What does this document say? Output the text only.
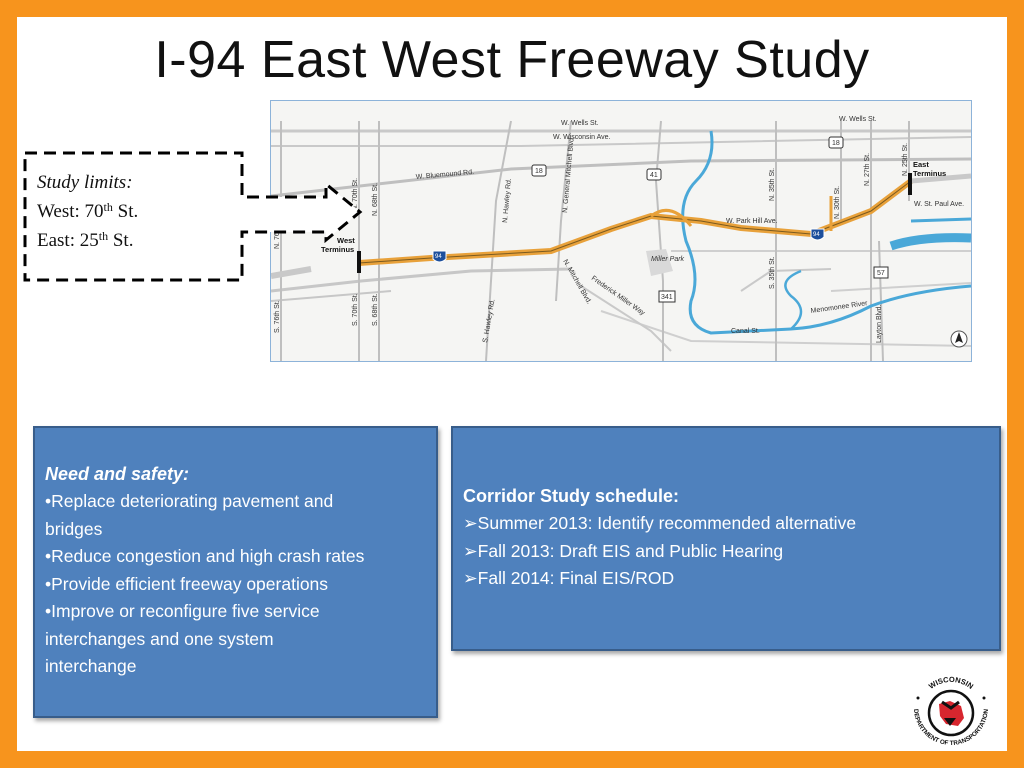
I-94 East West Freeway Study
W. Wells St.
W. Wells St.
W. Wisconsin Ave.
W. Bluemound Rd.
W. Park Hill Ave.
W. St. Paul Ave.
Canal St.
Frederick Miller Way
Miller Park
Menomonee River
N. 70th St. N. 68th St.
S. 76th St.	S. 70th St. S. 68th St.
N. Hawley Rd.
S. Hawley Rd.
N. General Mitchell Blvd.
N. Mitchell Blvd.
N. 35th St.
S. 35th St.
N. 30th St.
N. 27th St.	N. 25th St.
Layton Blvd.
East
Terminus
West
Terminus
18
18
41
94
94
341
57
Study limits:
West: 70th St.
East: 25th St.
Need and safety:
•Replace deteriorating pavement and
bridges
•Reduce congestion and high crash rates
•Provide efficient freeway operations
•Improve or reconfigure five service
interchanges and one system
interchange
Corridor Study schedule:
➢Summer 2013: Identify recommended alternative
➢Fall 2013: Draft EIS and Public Hearing
➢Fall 2014: Final EIS/ROD
WISCONSIN
DEPARTMENT OF TRANSPORTATION
